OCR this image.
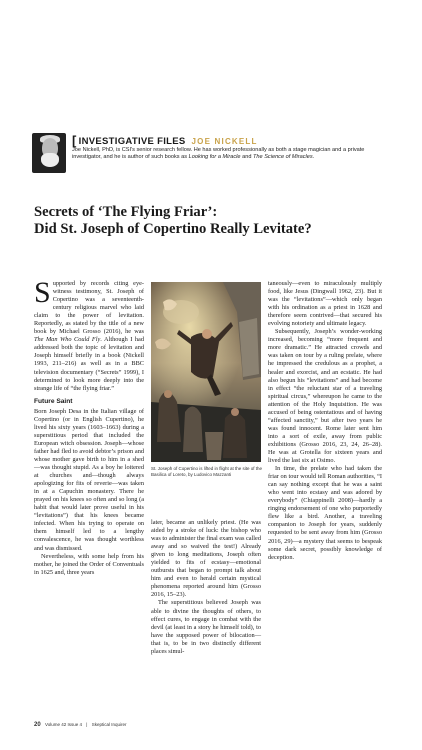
[ INVESTIGATIVE FILES JOE NICKELL
Joe Nickell, PhD, is CSI's senior research fellow. He has worked professionally as both a stage magician and a private investigator, and he is author of such books as Looking for a Miracle and The Science of Miracles.
Secrets of ‘The Flying Friar’:
Did St. Joseph of Copertino Really Levitate?

Supported by records citing eye-witness testimony, St. Joseph of Copertino was a seventeenth-century religious marvel who laid claim to the power of levitation. Reportedly, as stated by the title of a new book by Michael Grosso (2016), he was The Man Who Could Fly. Although I had addressed both the topic of levitation and Joseph himself briefly in a book (Nickell 1993, 211–216) as well as in a BBC television documentary (“Secrets” 1999), I determined to look more deeply into the strange life of “the flying friar.”

Future Saint

Born Joseph Desa in the Italian village of Copertino (or in English Cupertino), he lived his sixty years (1603–1663) during a superstitious period that included the European witch obsession. Joseph—whose father had fled to avoid debtor’s prison and whose mother gave birth to him in a shed—was thought stupid. As a boy he loitered at churches and—though always apologizing for fits of reverie—was taken in at a Capuchin monastery. There he prayed on his knees so often and so long (a habit that would later prove useful in his “levitations”) that his knees became infected. When his trying to operate on them himself led to a lengthy convalescence, he was thought worthless and was dismissed.

Nevertheless, with some help from his mother, he joined the Order of Conventuals in 1625 and, three years

St. Joseph of Copertino is lifted in flight at the site of the Basilica of Loreto, by Ludovico Mazzanti

later, became an unlikely priest. (He was aided by a stroke of luck: the bishop who was to administer the final exam was called away and so waived the test!) Already given to long meditations, Joseph often yielded to fits of ecstasy—emotional outbursts that began to prompt talk about him and even to herald certain mystical phenomena reported around him (Grosso 2016, 15–23).

The superstitious believed Joseph was able to divine the thoughts of others, to effect cures, to engage in combat with the devil (at least in a story he himself told), to have the supposed power of bilocation—that is, to be in two distinctly different places simul-

taneously—even to miraculously multiply food, like Jesus (Dingwall 1962, 23). But it was the “levitations”—which only began with his ordination as a priest in 1628 and therefore seem contrived—that secured his evolving notoriety and ultimate legacy.

Subsequently, Joseph’s wonder-working increased, becoming “more frequent and more dramatic.” He attracted crowds and was taken on tour by a ruling prelate, where he impressed the credulous as a prophet, a healer and exorcist, and an ecstatic. He had also begun his “levitations” and had become in effect “the reluctant star of a traveling spiritual circus,” whereupon he came to the attention of the Holy Inquisition. He was accused of being ostentatious and of having “affected sanctity,” but after two years he was found innocent. Rome later sent him into a sort of exile, away from public exhibitions (Grosso 2016, 23, 24, 26–28). He was at Grotella for sixteen years and lived the last six at Osimo.

In time, the prelate who had taken the friar on tour would tell Roman authorities, “I can say nothing except that he was a saint who went into ecstasy and was adored by everybody” (Chiappinelli 2008)—hardly a ringing endorsement of one who purportedly flew like a bird. Another, a traveling companion to Joseph for years, suddenly requested to be sent away from him (Grosso 2016, 29)—a mystery that seems to bespeak some dark secret, possibly knowledge of deception.

20 Volume 42 Issue 4 | Skeptical Inquirer
